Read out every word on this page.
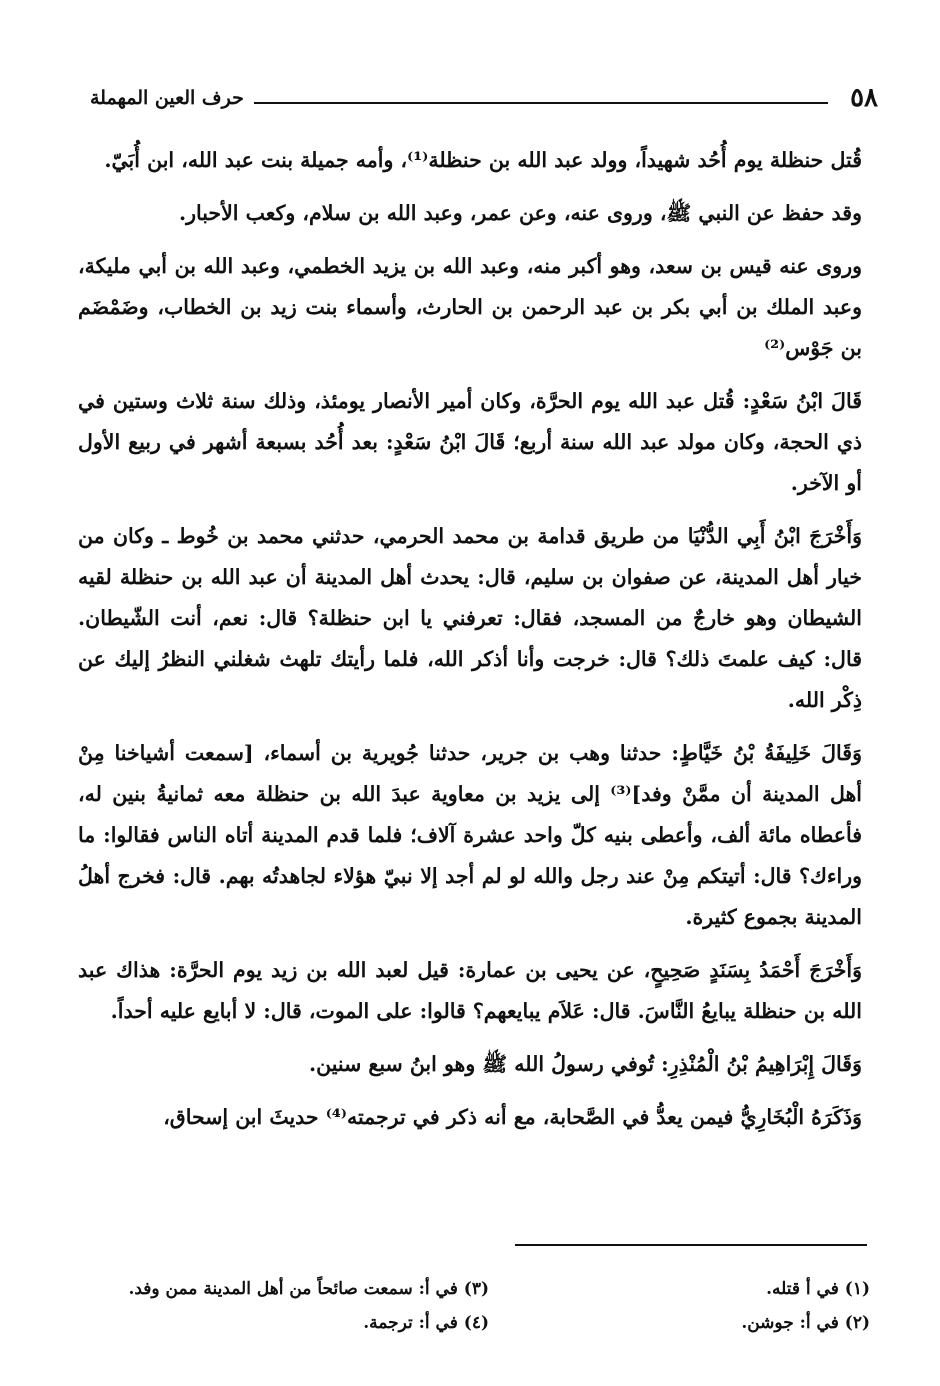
٥٨
حرف العين المهملة

قُتل حنظلة يوم أُحُد شهيداً، وولد عبد الله بن حنظلة⁽¹⁾، وأمه جميلة بنت عبد الله، ابن أُبَيّ.

وقد حفظ عن النبي ﷺ، وروى عنه، وعن عمر، وعبد الله بن سلام، وكعب الأحبار.

وروى عنه قيس بن سعد، وهو أكبر منه، وعبد الله بن يزيد الخطمي، وعبد الله بن أبي مليكة، وعبد الملك بن أبي بكر بن عبد الرحمن بن الحارث، وأسماء بنت زيد بن الخطاب، وضَمْضَم بن جَوْس⁽²⁾

قَالَ ابْنُ سَعْدٍ: قُتل عبد الله يوم الحرَّة، وكان أمير الأنصار يومئذ، وذلك سنة ثلاث وستين في ذي الحجة، وكان مولد عبد الله سنة أربع؛ قَالَ ابْنُ سَعْدٍ: بعد أُحُد بسبعة أشهر في ربيع الأول أو الآخر.

وَأَخْرَجَ ابْنُ أَبِي الدُّنْيَا من طريق قدامة بن محمد الحرمي، حدثني محمد بن خُوط ـ وكان من خيار أهل المدينة، عن صفوان بن سليم، قال: يحدث أهل المدينة أن عبد الله بن حنظلة لقيه الشيطان وهو خارجٌ من المسجد، فقال: تعرفني يا ابن حنظلة؟ قال: نعم، أنت الشّيطان. قال: كيف علمتَ ذلك؟ قال: خرجت وأنا أذكر الله، فلما رأيتك تلهث شغلني النظرُ إليك عن ذِكْر الله.

وَقَالَ خَلِيفَةُ بْنُ خَيَّاطٍ: حدثنا وهب بن جرير، حدثنا جُويرية بن أسماء، [سمعت أشياخنا مِنْ أهل المدينة أن ممَّنْ وفد]⁽³⁾ إلى يزيد بن معاوية عبدَ الله بن حنظلة معه ثمانيةُ بنين له، فأعطاه مائة ألف، وأعطى بنيه كلّ واحد عشرة آلاف؛ فلما قدم المدينة أتاه الناس فقالوا: ما وراءك؟ قال: أتيتكم مِنْ عند رجل والله لو لم أجد إلا نبيّ هؤلاء لجاهدتُه بهم. قال: فخرج أهلُ المدينة بجموع كثيرة.

وَأَخْرَجَ أَحْمَدُ بِسَنَدٍ صَحِيحٍ، عن يحيى بن عمارة: قيل لعبد الله بن زيد يوم الحرَّة: هذاك عبد الله بن حنظلة يبايعُ النَّاسَ. قال: عَلاَم يبايعهم؟ قالوا: على الموت، قال: لا أبايع عليه أحداً.

وَقَالَ إِبْرَاهِيمُ بْنُ الْمُنْذِرِ: تُوفي رسولُ الله ﷺ وهو ابنُ سبع سنين.

وَذَكَرَهُ الْبُخَارِيُّ فيمن يعدُّ في الصَّحابة، مع أنه ذكر في ترجمته⁽⁴⁾ حديثَ ابن إسحاق،

(١) في أ قتله.
(٣) في أ: سمعت صائحاً من أهل المدينة ممن وفد.
(٢) في أ: جوشن.
(٤) في أ: ترجمة.
